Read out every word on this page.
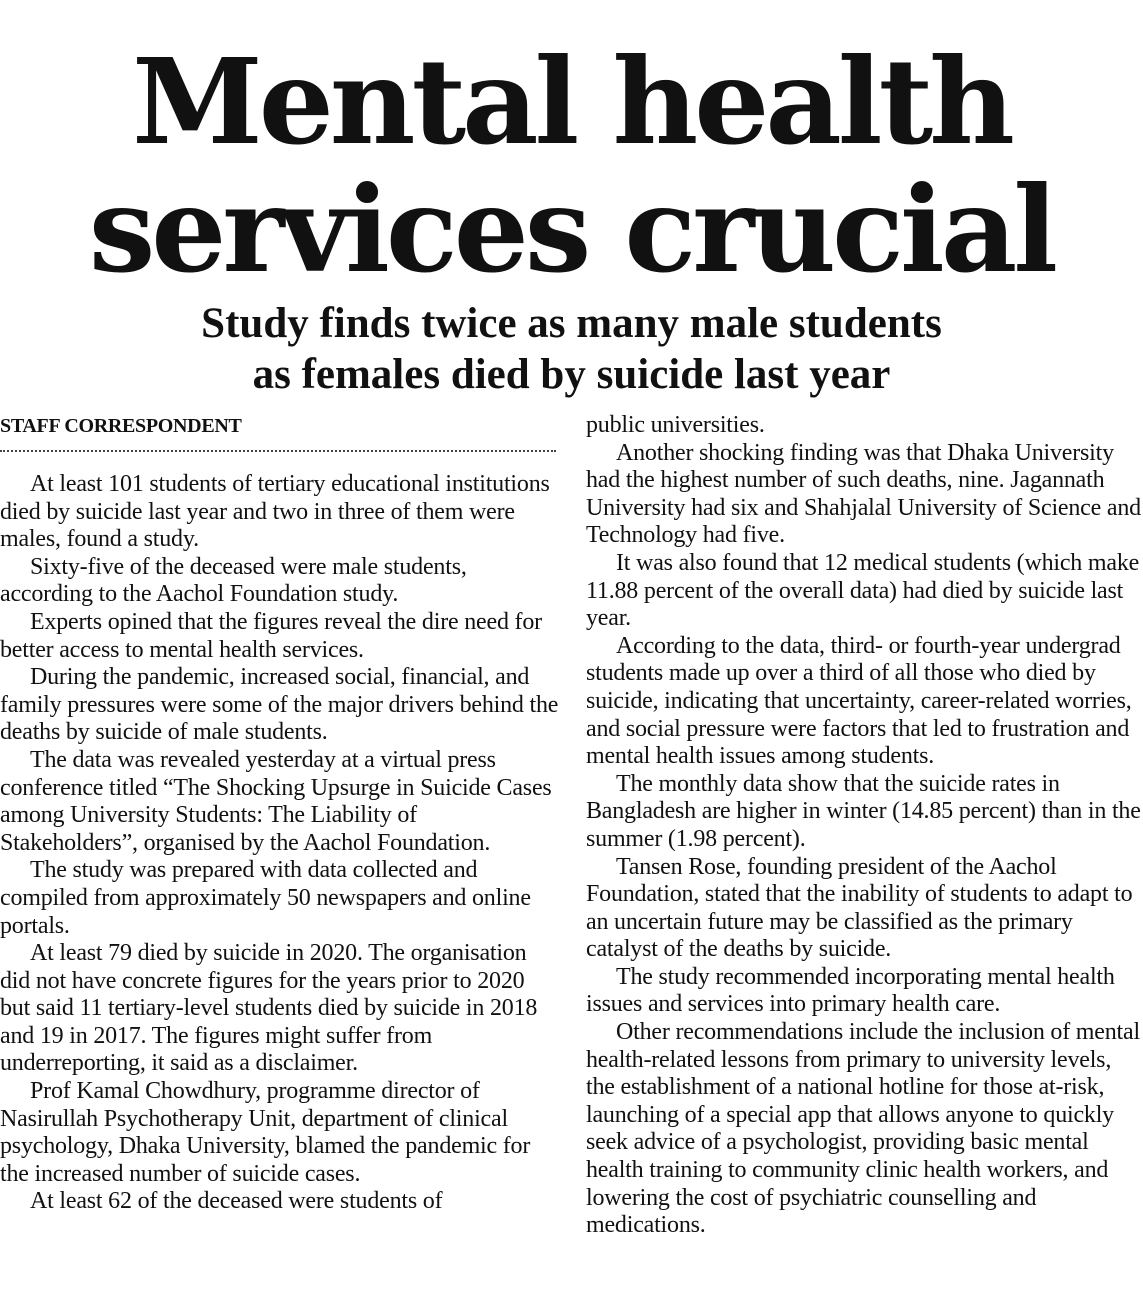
Mental health
services crucial
Study finds twice as many male students
as females died by suicide last year
STAFF CORRESPONDENT

At least 101 students of tertiary educational institutions died by suicide last year and two in three of them were males, found a study.

Sixty-five of the deceased were male students, according to the Aachol Foundation study.

Experts opined that the figures reveal the dire need for better access to mental health services.

During the pandemic, increased social, financial, and family pressures were some of the major drivers behind the deaths by suicide of male students.

The data was revealed yesterday at a virtual press conference titled “The Shocking Upsurge in Suicide Cases among University Students: The Liability of Stakeholders”, organised by the Aachol Foundation.

The study was prepared with data collected and compiled from approximately 50 newspapers and online portals.

At least 79 died by suicide in 2020. The organisation did not have concrete figures for the years prior to 2020 but said 11 tertiary-level students died by suicide in 2018 and 19 in 2017. The figures might suffer from underreporting, it said as a disclaimer.

Prof Kamal Chowdhury, programme director of Nasirullah Psychotherapy Unit, department of clinical psychology, Dhaka University, blamed the pandemic for the increased number of suicide cases.

At least 62 of the deceased were students of

public universities.

Another shocking finding was that Dhaka University had the highest number of such deaths, nine. Jagannath University had six and Shahjalal University of Science and Technology had five.

It was also found that 12 medical students (which make 11.88 percent of the overall data) had died by suicide last year.

According to the data, third- or fourth-year undergrad students made up over a third of all those who died by suicide, indicating that uncertainty, career-related worries, and social pressure were factors that led to frustration and mental health issues among students.

The monthly data show that the suicide rates in Bangladesh are higher in winter (14.85 percent) than in the summer (1.98 percent).

Tansen Rose, founding president of the Aachol Foundation, stated that the inability of students to adapt to an uncertain future may be classified as the primary catalyst of the deaths by suicide.

The study recommended incorporating mental health issues and services into primary health care.

Other recommendations include the inclusion of mental health-related lessons from primary to university levels, the establishment of a national hotline for those at-risk, launching of a special app that allows anyone to quickly seek advice of a psychologist, providing basic mental health training to community clinic health workers, and lowering the cost of psychiatric counselling and medications.
